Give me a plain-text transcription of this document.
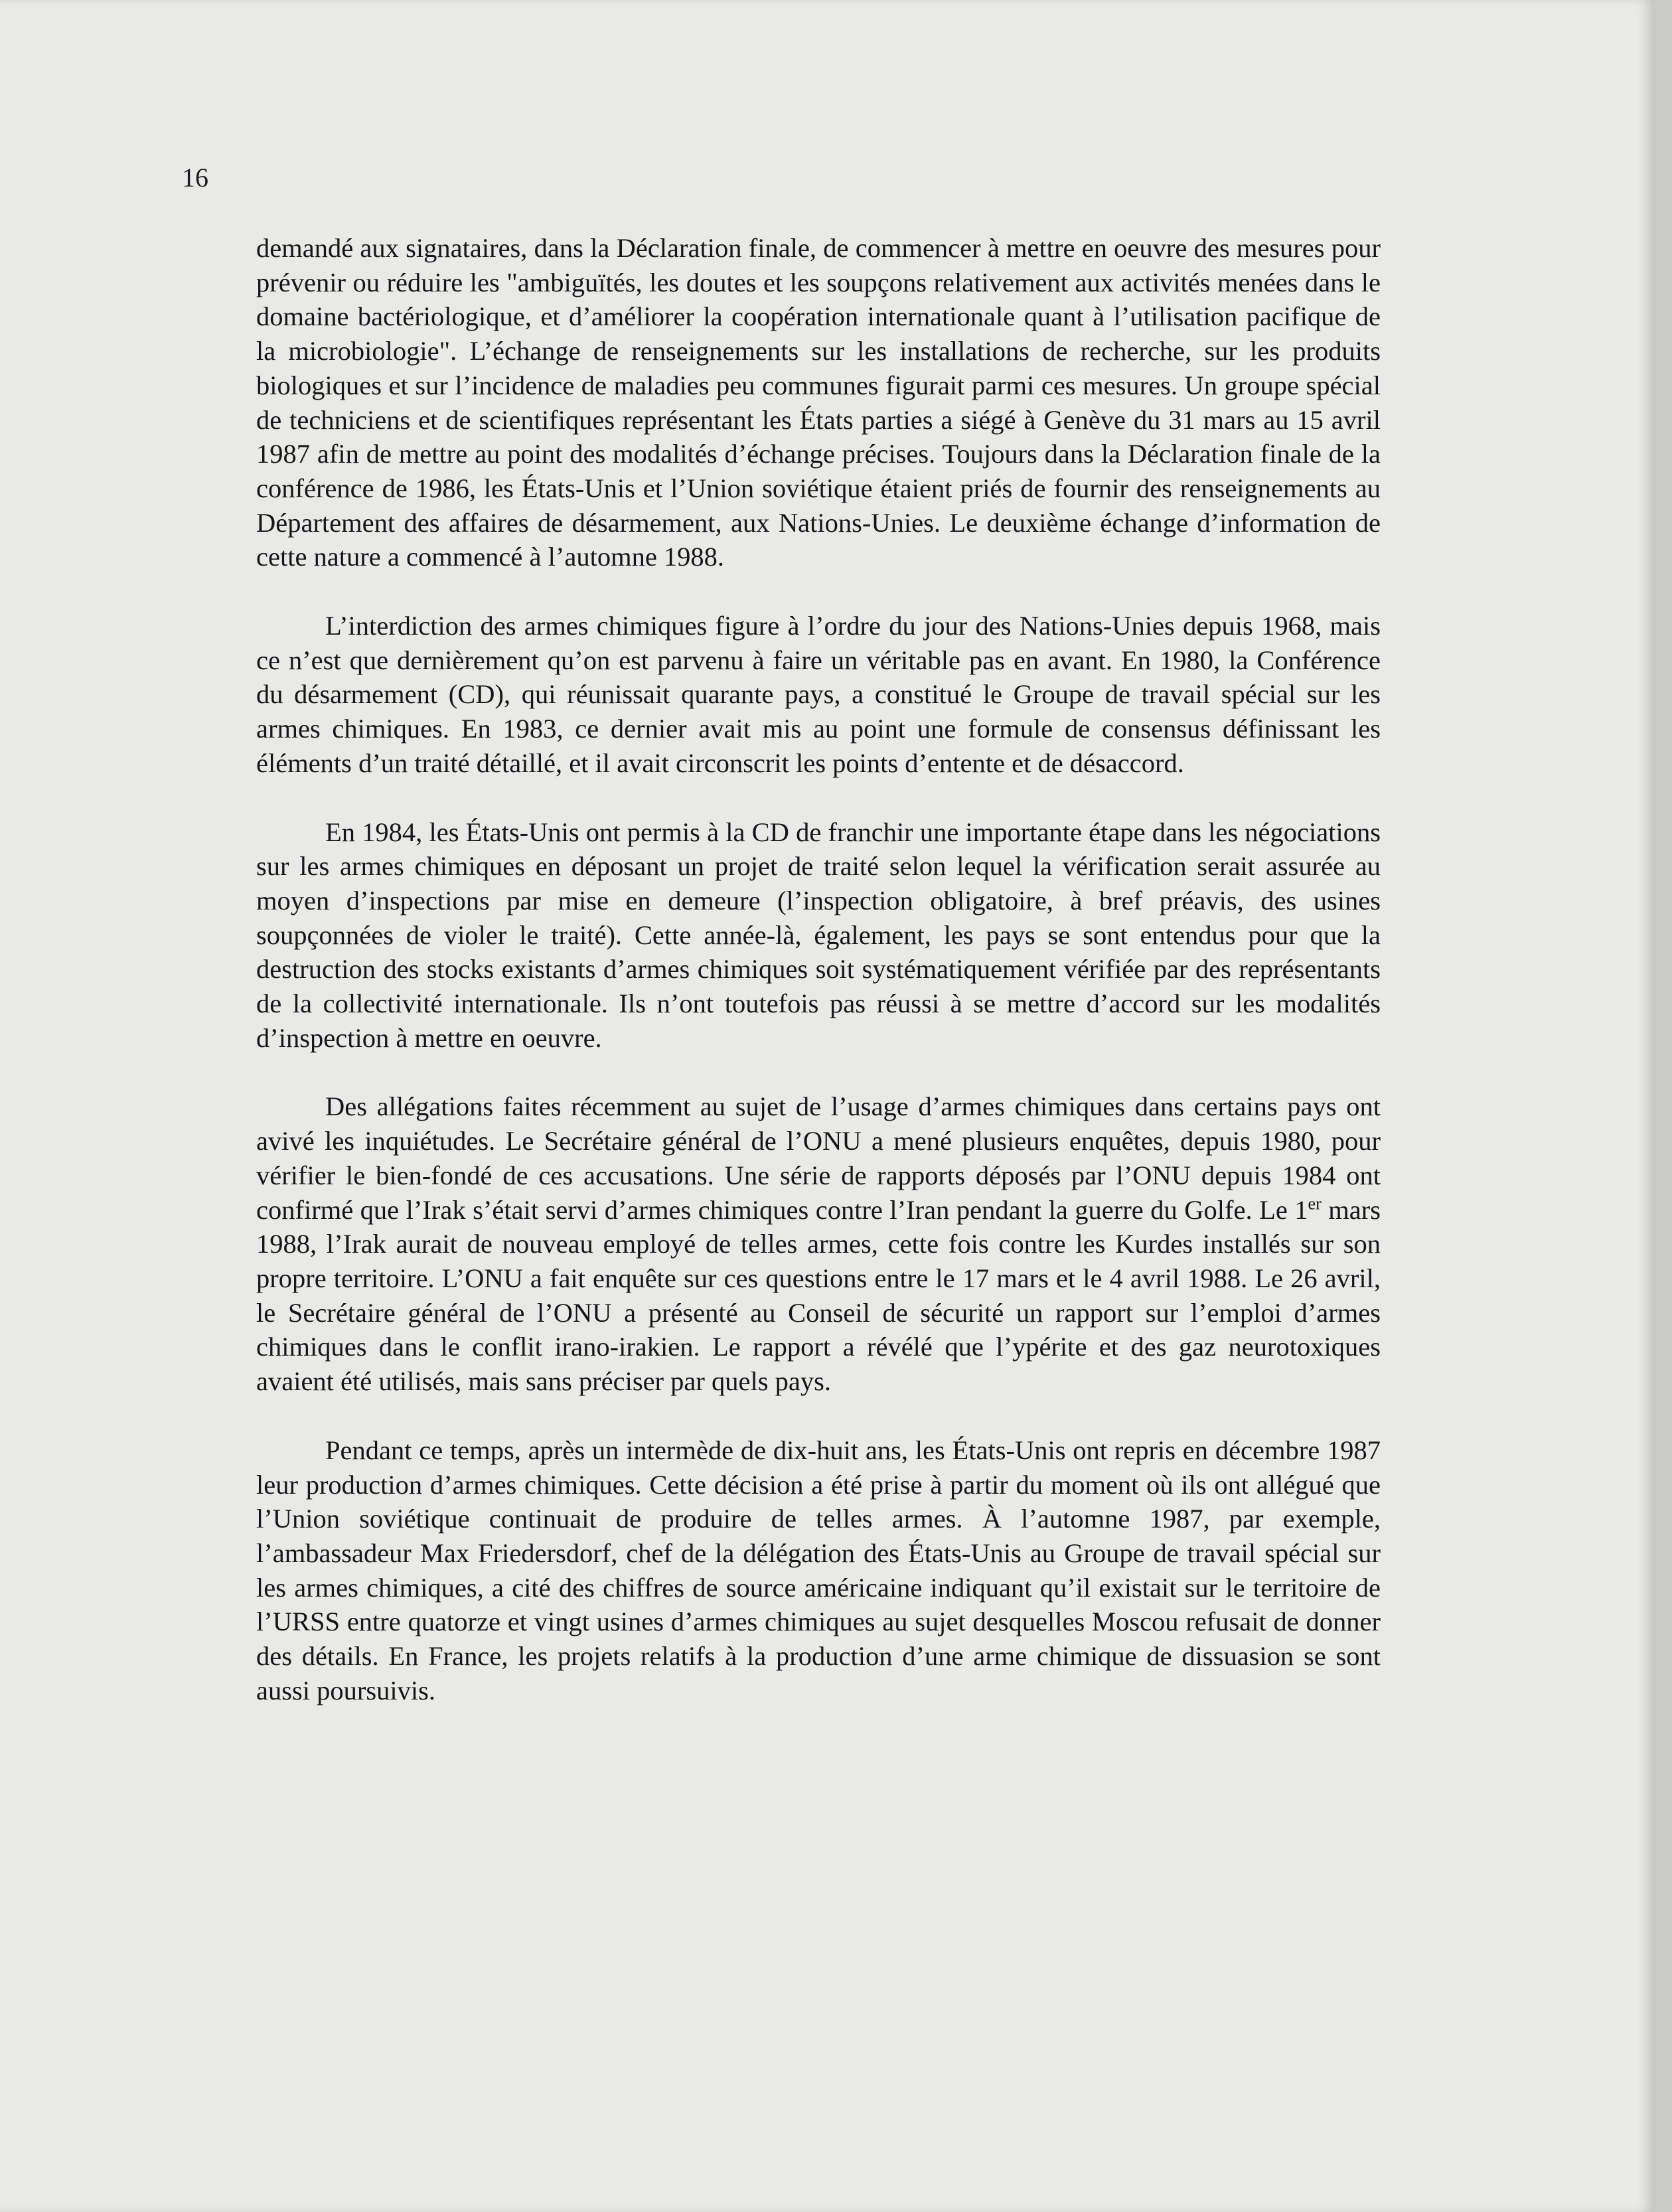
16

demandé aux signataires, dans la Déclaration finale, de commencer à mettre en oeuvre des mesures pour prévenir ou réduire les "ambiguïtés, les doutes et les soupçons relativement aux activités menées dans le domaine bactériologique, et d’améliorer la coopération internationale quant à l’utilisation pacifique de la microbiologie". L’échange de renseignements sur les installations de recherche, sur les produits biologiques et sur l’incidence de maladies peu communes figurait parmi ces mesures. Un groupe spécial de techniciens et de scientifiques représentant les États parties a siégé à Genève du 31 mars au 15 avril 1987 afin de mettre au point des modalités d’échange précises. Toujours dans la Déclaration finale de la conférence de 1986, les États-Unis et l’Union soviétique étaient priés de fournir des renseignements au Département des affaires de désarmement, aux Nations-Unies. Le deuxième échange d’information de cette nature a commencé à l’automne 1988.

L’interdiction des armes chimiques figure à l’ordre du jour des Nations-Unies depuis 1968, mais ce n’est que dernièrement qu’on est parvenu à faire un véritable pas en avant. En 1980, la Conférence du désarmement (CD), qui réunissait quarante pays, a constitué le Groupe de travail spécial sur les armes chimiques. En 1983, ce dernier avait mis au point une formule de consensus définissant les éléments d’un traité détaillé, et il avait circonscrit les points d’entente et de désaccord.

En 1984, les États-Unis ont permis à la CD de franchir une importante étape dans les négociations sur les armes chimiques en déposant un projet de traité selon lequel la vérification serait assurée au moyen d’inspections par mise en demeure (l’inspection obligatoire, à bref préavis, des usines soupçonnées de violer le traité). Cette année-là, également, les pays se sont entendus pour que la destruction des stocks existants d’armes chimiques soit systématiquement vérifiée par des représentants de la collectivité internationale. Ils n’ont toutefois pas réussi à se mettre d’accord sur les modalités d’inspection à mettre en oeuvre.

Des allégations faites récemment au sujet de l’usage d’armes chimiques dans certains pays ont avivé les inquiétudes. Le Secrétaire général de l’ONU a mené plusieurs enquêtes, depuis 1980, pour vérifier le bien-fondé de ces accusations. Une série de rapports déposés par l’ONU depuis 1984 ont confirmé que l’Irak s’était servi d’armes chimiques contre l’Iran pendant la guerre du Golfe. Le 1er mars 1988, l’Irak aurait de nouveau employé de telles armes, cette fois contre les Kurdes installés sur son propre territoire. L’ONU a fait enquête sur ces questions entre le 17 mars et le 4 avril 1988. Le 26 avril, le Secrétaire général de l’ONU a présenté au Conseil de sécurité un rapport sur l’emploi d’armes chimiques dans le conflit irano-irakien. Le rapport a révélé que l’ypérite et des gaz neurotoxiques avaient été utilisés, mais sans préciser par quels pays.

Pendant ce temps, après un intermède de dix-huit ans, les États-Unis ont repris en décembre 1987 leur production d’armes chimiques. Cette décision a été prise à partir du moment où ils ont allégué que l’Union soviétique continuait de produire de telles armes. À l’automne 1987, par exemple, l’ambassadeur Max Friedersdorf, chef de la délégation des États-Unis au Groupe de travail spécial sur les armes chimiques, a cité des chiffres de source américaine indiquant qu’il existait sur le territoire de l’URSS entre quatorze et vingt usines d’armes chimiques au sujet desquelles Moscou refusait de donner des détails. En France, les projets relatifs à la production d’une arme chimique de dissuasion se sont aussi poursuivis.
